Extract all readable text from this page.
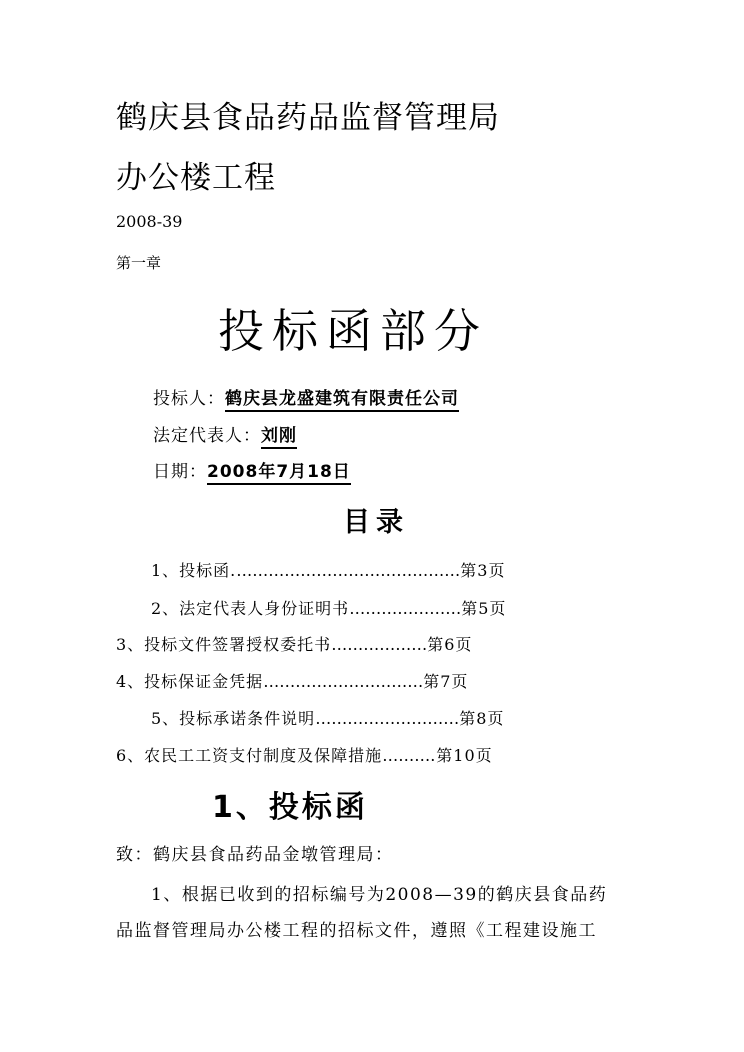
鹤庆县食品药品监督管理局
办公楼工程
2008-39
第一章
投标函部分
投标人：鹤庆县龙盛建筑有限责任公司
法定代表人：刘刚
日期：2008年7月18日
目录
1、投标函.……………………………………第3页
2、法定代表人身份证明书…………………第5页
3、投标文件签署授权委托书………………第6页
4、投标保证金凭据…………………………第7页
5、投标承诺条件说明………………………第8页
6、农民工工资支付制度及保障措施……….第10页
1、投标函
致：鹤庆县食品药品金墩管理局：
1、根据已收到的招标编号为2008—39的鹤庆县食品药
品监督管理局办公楼工程的招标文件，遵照《工程建设施工
